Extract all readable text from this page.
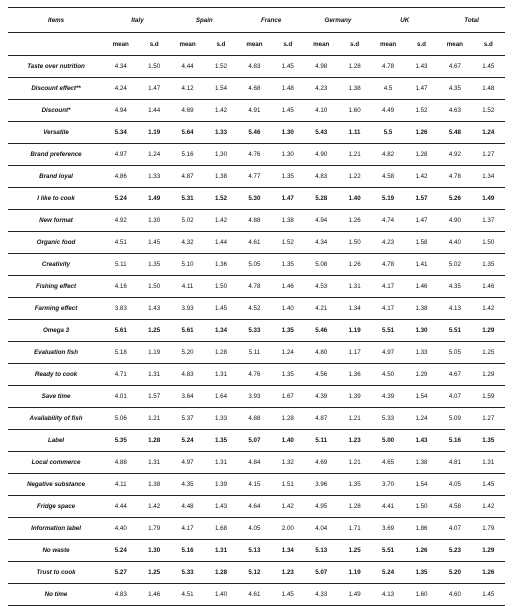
Items	Italy		Spain		France		Germany		UK		Total	
	mean	s.d	mean	s.d	mean	s.d	mean	s.d	mean	s.d	mean	s.d
Taste over nutrition	4.34	1.50	4.44	1.52	4.83	1.45	4.98	1.28	4.78	1.43	4.67	1.45
Discount effect**	4.24	1.47	4.12	1.54	4.68	1.48	4.23	1.38	4.5	1.47	4.35	1.48
Discount*	4.94	1.44	4.69	1.42	4.91	1.45	4.10	1.60	4.49	1.52	4.63	1.52
Versatile	5.34	1.19	5.64	1.33	5.46	1.30	5.43	1.11	5.5	1.26	5.48	1.24
Brand preference	4.97	1.24	5.16	1.30	4.76	1.30	4.90	1.21	4.82	1.28	4.92	1.27
Brand loyal	4.86	1.33	4.87	1.38	4.77	1.35	4.83	1.22	4.58	1.42	4.78	1.34
I like to cook	5.24	1.49	5.31	1.52	5.30	1.47	5.28	1.40	5.19	1.57	5.26	1.49
New format	4.92	1.30	5.02	1.42	4.88	1.38	4.94	1.26	4.74	1.47	4.90	1.37
Organic food	4.51	1.45	4.32	1.44	4.61	1.52	4.34	1.50	4.23	1.58	4.40	1.50
Creativity	5.11	1.35	5.10	1.36	5.05	1.35	5.08	1.26	4.78	1.41	5.02	1.35
Fishing effect	4.16	1.50	4.11	1.50	4.78	1.46	4.53	1.31	4.17	1.46	4.35	1.46
Farming effect	3.83	1.43	3.93	1.45	4.52	1.40	4.21	1.34	4.17	1.38	4.13	1.42
Omega 3	5.61	1.25	5.61	1.34	5.33	1.35	5.46	1.19	5.51	1.30	5.51	1.29
Evaluation fish	5.18	1.19	5.20	1.28	5.11	1.24	4.80	1.17	4.97	1.33	5.05	1.25
Ready to cook	4.71	1.31	4.83	1.31	4.76	1.35	4.56	1.36	4.50	1.29	4.67	1.29
Save time	4.01	1.57	3.64	1.64	3.93	1.67	4.39	1.39	4.39	1.54	4.07	1.59
Availability of fish	5.06	1.21	5.37	1.33	4.88	1.28	4.87	1.21	5.33	1.24	5.09	1.27
Label	5.35	1.28	5.24	1.35	5.07	1.40	5.11	1.23	5.00	1.43	5.16	1.35
Local commerce	4.88	1.31	4.97	1.31	4.84	1.32	4.69	1.21	4.65	1.38	4.81	1.31
Negative substance	4.11	1.38	4.35	1.39	4.15	1.51	3.96	1.35	3.70	1.54	4.05	1.45
Fridge space	4.44	1.42	4.48	1.43	4.64	1.42	4.95	1.28	4.41	1.50	4.58	1.42
Information label	4.40	1.79	4.17	1.68	4.05	2.00	4.04	1.71	3.69	1.86	4.07	1.79
No waste	5.24	1.30	5.16	1.31	5.13	1.34	5.13	1.25	5.51	1.26	5.23	1.29
Trust to cook	5.27	1.25	5.33	1.28	5.12	1.23	5.07	1.19	5.24	1.35	5.20	1.26
No time	4.83	1.46	4.51	1.40	4.61	1.45	4.33	1.49	4.13	1.60	4.60	1.45
